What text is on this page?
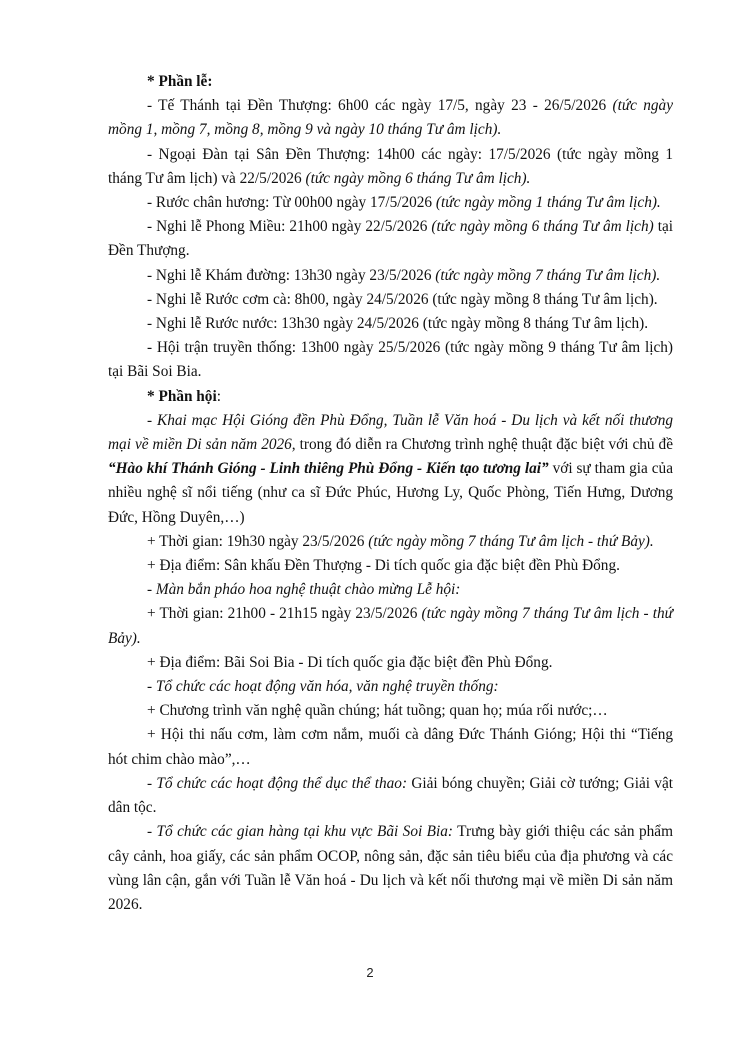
* Phần lễ:

- Tế Thánh tại Đền Thượng: 6h00 các ngày 17/5, ngày 23 - 26/5/2026 (tức ngày mồng 1, mồng 7, mồng 8, mồng 9 và ngày 10 tháng Tư âm lịch).

- Ngoại Đàn tại Sân Đền Thượng: 14h00 các ngày: 17/5/2026 (tức ngày mồng 1 tháng Tư âm lịch) và 22/5/2026 (tức ngày mồng 6 tháng Tư âm lịch).

- Rước chân hương: Từ 00h00 ngày 17/5/2026 (tức ngày mồng 1 tháng Tư âm lịch).

- Nghi lễ Phong Miều: 21h00 ngày 22/5/2026 (tức ngày mồng 6 tháng Tư âm lịch) tại Đền Thượng.

- Nghi lễ Khám đường: 13h30 ngày 23/5/2026 (tức ngày mồng 7 tháng Tư âm lịch).

- Nghi lễ Rước cơm cà: 8h00, ngày 24/5/2026 (tức ngày mồng 8 tháng Tư âm lịch).

- Nghi lễ Rước nước: 13h30 ngày 24/5/2026 (tức ngày mồng 8 tháng Tư âm lịch).

- Hội trận truyền thống: 13h00 ngày 25/5/2026 (tức ngày mồng 9 tháng Tư âm lịch) tại Bãi Soi Bia.

* Phần hội:

- Khai mạc Hội Gióng đền Phù Đổng, Tuần lễ Văn hoá - Du lịch và kết nối thương mại về miền Di sản năm 2026, trong đó diễn ra Chương trình nghệ thuật đặc biệt với chủ đề “Hào khí Thánh Gióng - Linh thiêng Phù Đổng - Kiến tạo tương lai” với sự tham gia của nhiều nghệ sĩ nổi tiếng (như ca sĩ Đức Phúc, Hương Ly, Quốc Phòng, Tiến Hưng, Dương Đức, Hồng Duyên,…)

+ Thời gian: 19h30 ngày 23/5/2026 (tức ngày mồng 7 tháng Tư âm lịch - thứ Bảy).

+ Địa điểm: Sân khấu Đền Thượng - Di tích quốc gia đặc biệt đền Phù Đổng.

- Màn bắn pháo hoa nghệ thuật chào mừng Lễ hội:

+ Thời gian: 21h00 - 21h15 ngày 23/5/2026 (tức ngày mồng 7 tháng Tư âm lịch - thứ Bảy).

+ Địa điểm: Bãi Soi Bia - Di tích quốc gia đặc biệt đền Phù Đổng.

- Tổ chức các hoạt động văn hóa, văn nghệ truyền thống:

+ Chương trình văn nghệ quần chúng; hát tuồng; quan họ; múa rối nước;…

+ Hội thi nấu cơm, làm cơm nắm, muối cà dâng Đức Thánh Gióng; Hội thi “Tiếng hót chim chào mào”,…

- Tổ chức các hoạt động thể dục thể thao: Giải bóng chuyền; Giải cờ tướng; Giải vật dân tộc.

- Tổ chức các gian hàng tại khu vực Bãi Soi Bia: Trưng bày giới thiệu các sản phẩm cây cảnh, hoa giấy, các sản phẩm OCOP, nông sản, đặc sản tiêu biểu của địa phương và các vùng lân cận, gắn với Tuần lễ Văn hoá - Du lịch và kết nối thương mại về miền Di sản năm 2026.

2
